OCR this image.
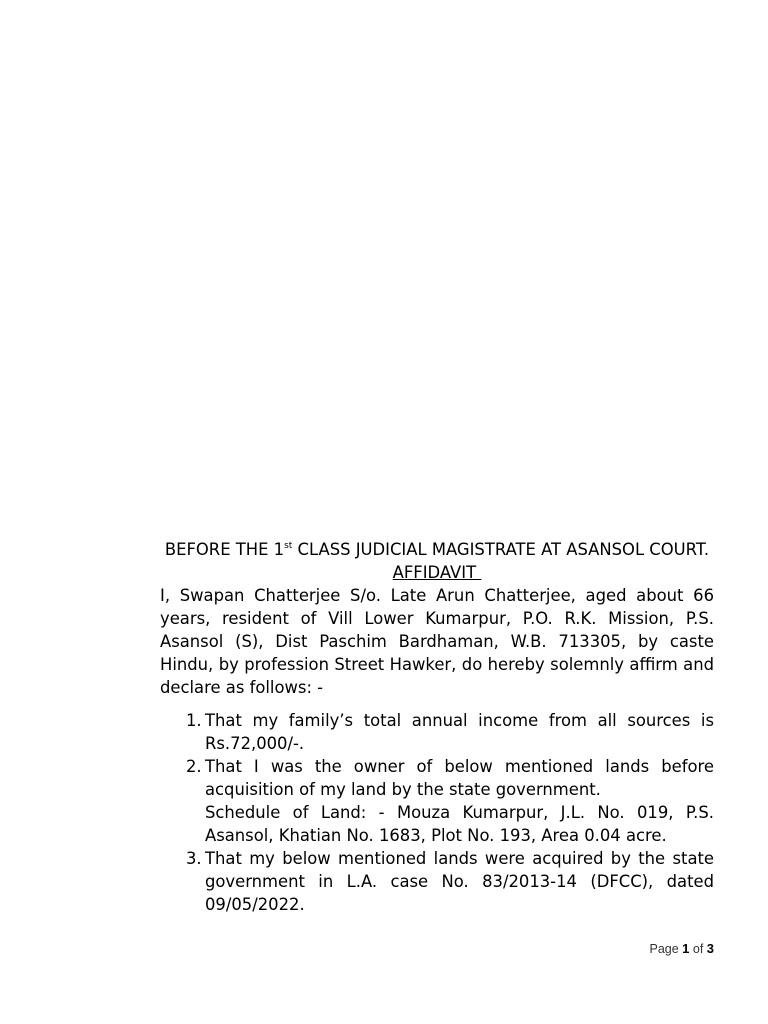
BEFORE THE 1st CLASS JUDICIAL MAGISTRATE AT ASANSOL COURT.

AFFIDAVIT

I, Swapan Chatterjee S/o. Late Arun Chatterjee, aged about 66 years, resident of Vill Lower Kumarpur, P.O. R.K. Mission, P.S. Asansol (S), Dist Paschim Bardhaman, W.B. 713305, by caste Hindu, by profession Street Hawker, do hereby solemnly affirm and declare as follows: -

1. That my family’s total annual income from all sources is Rs.72,000/-.
2. That I was the owner of below mentioned lands before acquisition of my land by the state government.
Schedule of Land: - Mouza Kumarpur, J.L. No. 019, P.S. Asansol, Khatian No. 1683, Plot No. 193, Area 0.04 acre.
3. That my below mentioned lands were acquired by the state government in L.A. case No. 83/2013-14 (DFCC), dated 09/05/2022.
Page 1 of 3
